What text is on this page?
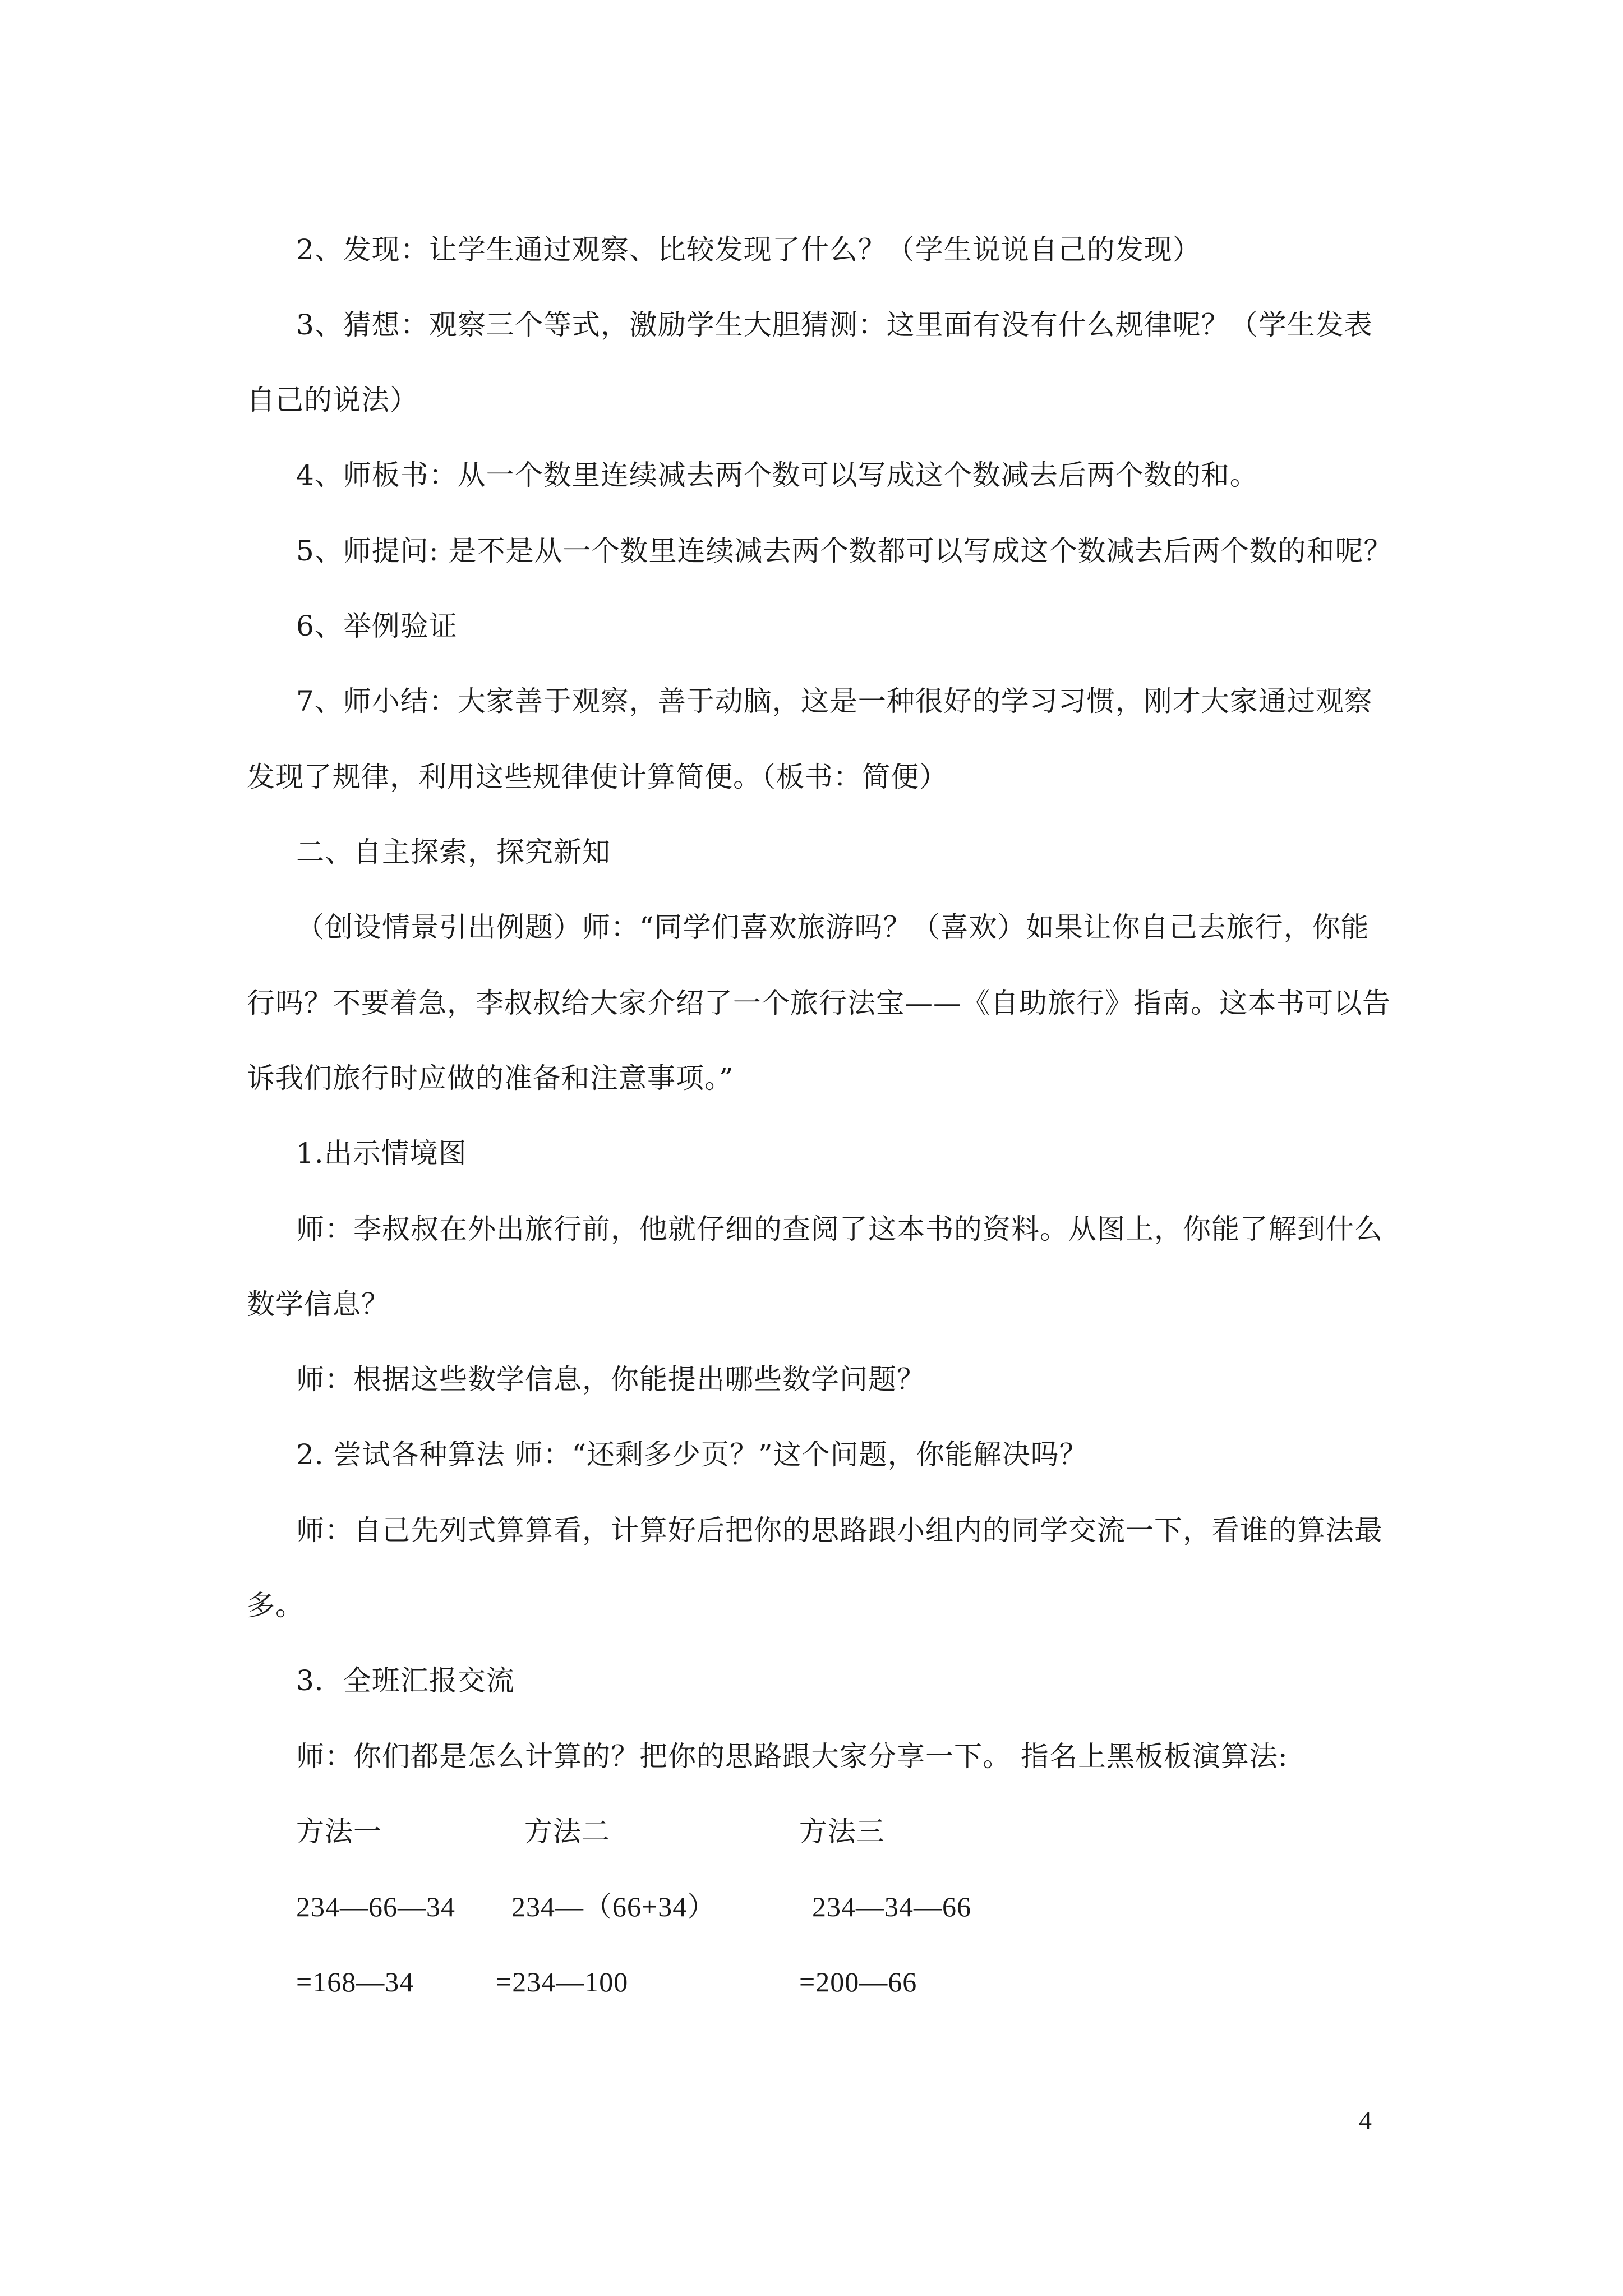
2、发现：让学生通过观察、比较发现了什么？（学生说说自己的发现）
3、猜想：观察三个等式，激励学生大胆猜测：这里面有没有什么规律呢？（学生发表
自己的说法）
4、师板书：从一个数里连续减去两个数可以写成这个数减去后两个数的和。
5、师提问: 是不是从一个数里连续减去两个数都可以写成这个数减去后两个数的和呢？
6、举例验证
7、师小结：大家善于观察，善于动脑，这是一种很好的学习习惯，刚才大家通过观察
发现了规律，利用这些规律使计算简便。（板书：简便）
二、自主探索，探究新知
（创设情景引出例题）师：“同学们喜欢旅游吗？（喜欢）如果让你自己去旅行，你能
行吗？不要着急，李叔叔给大家介绍了一个旅行法宝——《自助旅行》指南。这本书可以告
诉我们旅行时应做的准备和注意事项。”
1.出示情境图
师：李叔叔在外出旅行前，他就仔细的查阅了这本书的资料。从图上，你能了解到什么
数学信息？
师：根据这些数学信息，你能提出哪些数学问题？
2. 尝试各种算法 师：“还剩多少页？”这个问题，你能解决吗？
师：自己先列式算算看，计算好后把你的思路跟小组内的同学交流一下，看谁的算法最
多。
3．全班汇报交流
师：你们都是怎么计算的？把你的思路跟大家分享一下。 指名上黑板板演算法:
方法一	方法二	方法三
234—66—34 234—（66+34）	234—34—66
=168—34	=234—100	=200—66
4
